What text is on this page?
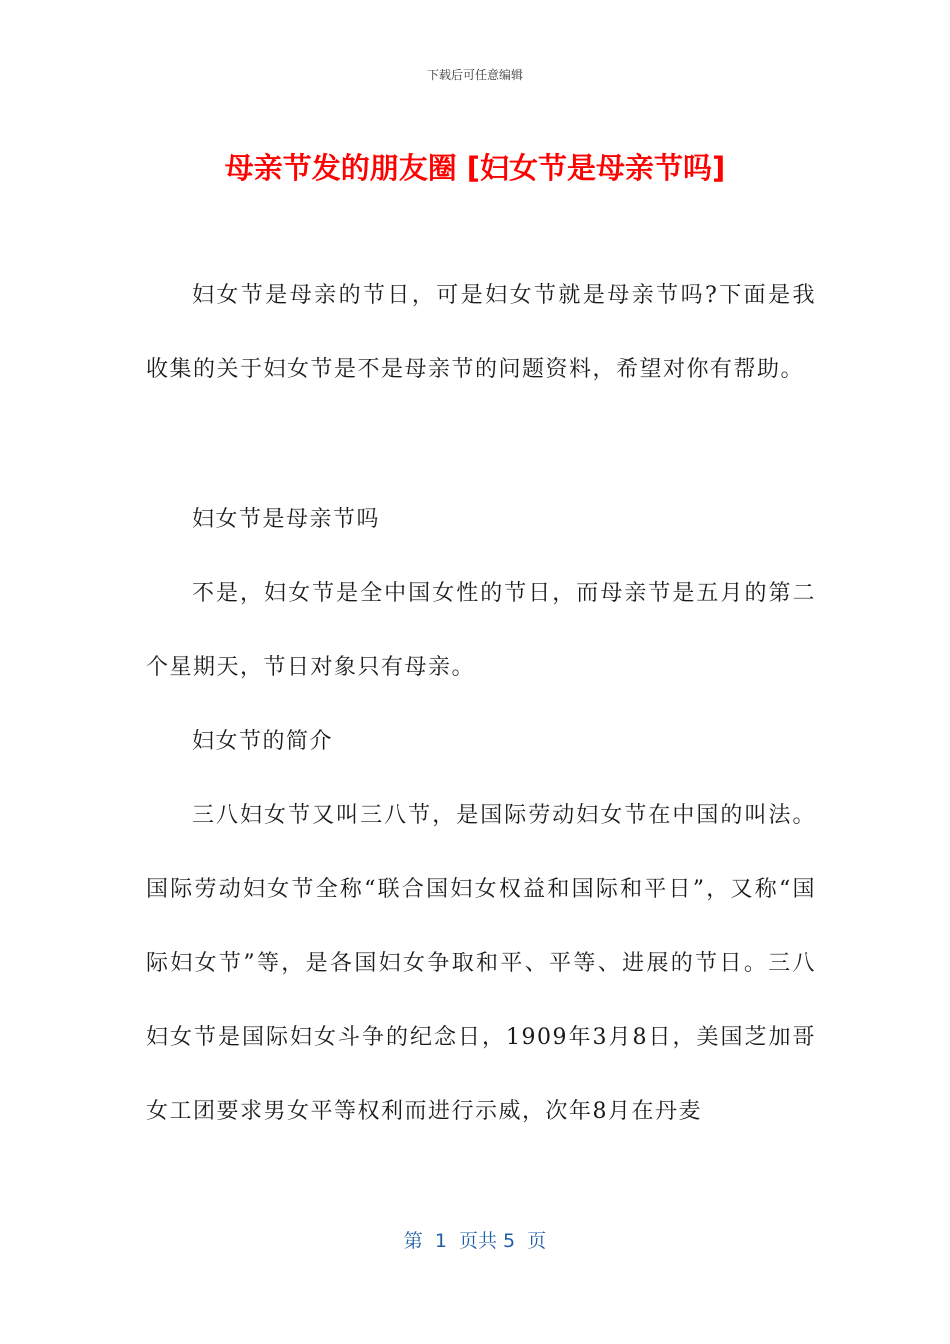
下载后可任意编辑
母亲节发的朋友圈 [妇女节是母亲节吗]

妇女节是母亲的节日，可是妇女节就是母亲节吗?下面是我收集的关于妇女节是不是母亲节的问题资料，希望对你有帮助。

妇女节是母亲节吗

不是，妇女节是全中国女性的节日，而母亲节是五月的第二个星期天，节日对象只有母亲。

妇女节的简介

三八妇女节又叫三八节，是国际劳动妇女节在中国的叫法。国际劳动妇女节全称“联合国妇女权益和国际和平日”，又称“国际妇女节”等，是各国妇女争取和平、平等、进展的节日。三八妇女节是国际妇女斗争的纪念日，1909年3月8日，美国芝加哥女工团要求男女平等权利而进行示威，次年8月在丹麦

第  1  页共 5  页
